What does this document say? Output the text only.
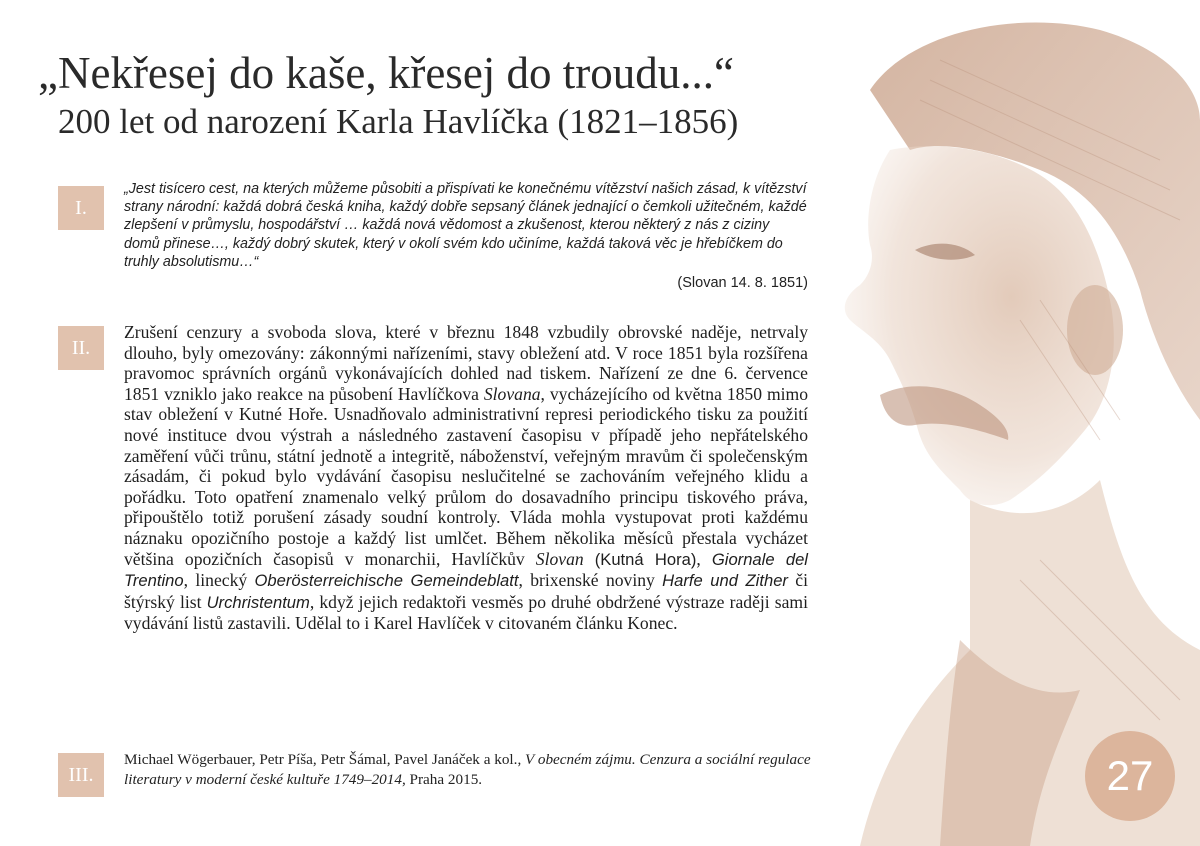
„Nekřesej do kaše, křesej do troudu...“
200 let od narození Karla Havlíčka (1821–1856)
I.
„Jest tisícero cest, na kterých můžeme působiti a přispívati ke konečnému vítězství našich zásad, k vítězství strany národní: každá dobrá česká kniha, každý dobře sepsaný článek jednající o čemkoli užitečném, každé zlepšení v průmyslu, hospodářství … každá nová vědomost a zkušenost, kterou některý z nás z ciziny domů přinese…, každý dobrý skutek, který v okolí svém kdo učiníme, každá taková věc je hřebíčkem do truhly absolutismu…“
(Slovan 14. 8. 1851)
II.

Zrušení cenzury a svoboda slova, které v březnu 1848 vzbudily obrovské naděje, netrvaly dlouho, byly omezovány: zákonnými nařízeními, stavy obležení atd. V roce 1851 byla rozšířena pravomoc správních orgánů vykonávajících dohled nad tiskem. Nařízení ze dne 6. července 1851 vzniklo jako reakce na působení Havlíčkova Slovana, vycházejícího od května 1850 mimo stav obležení v Kutné Hoře. Usnadňovalo administrativní represi periodického tisku za použití nové instituce dvou výstrah a následného zastavení časopisu v případě jeho nepřátelského zaměření vůči trůnu, státní jednotě a integritě, náboženství, veřejným mravům či společenským zásadám, či pokud bylo vydávání časopisu neslučitelné se zachováním veřejného klidu a pořádku. Toto opatření znamenalo velký průlom do dosavadního principu tiskového práva, připouštělo totiž porušení zásady soudní kontroly. Vláda mohla vystupovat proti každému náznaku opozičního postoje a každý list umlčet. Během několika měsíců přestala vycházet většina opozičních časopisů v monarchii, Havlíčkův Slovan (Kutná Hora), Giornale del Trentino, linecký Oberösterreichische Gemeindeblatt, brixenské noviny Harfe und Zither či štýrský list Urchristentum, když jejich redaktoři vesměs po druhé obdržené výstraze raději sami vydávání listů zastavili. Udělal to i Karel Havlíček v citovaném článku Konec.

III.
Michael Wögerbauer, Petr Píša, Petr Šámal, Pavel Janáček a kol., V obecném zájmu. Cenzura a sociální regulace literatury v moderní české kultuře 1749–2014, Praha 2015.	27
